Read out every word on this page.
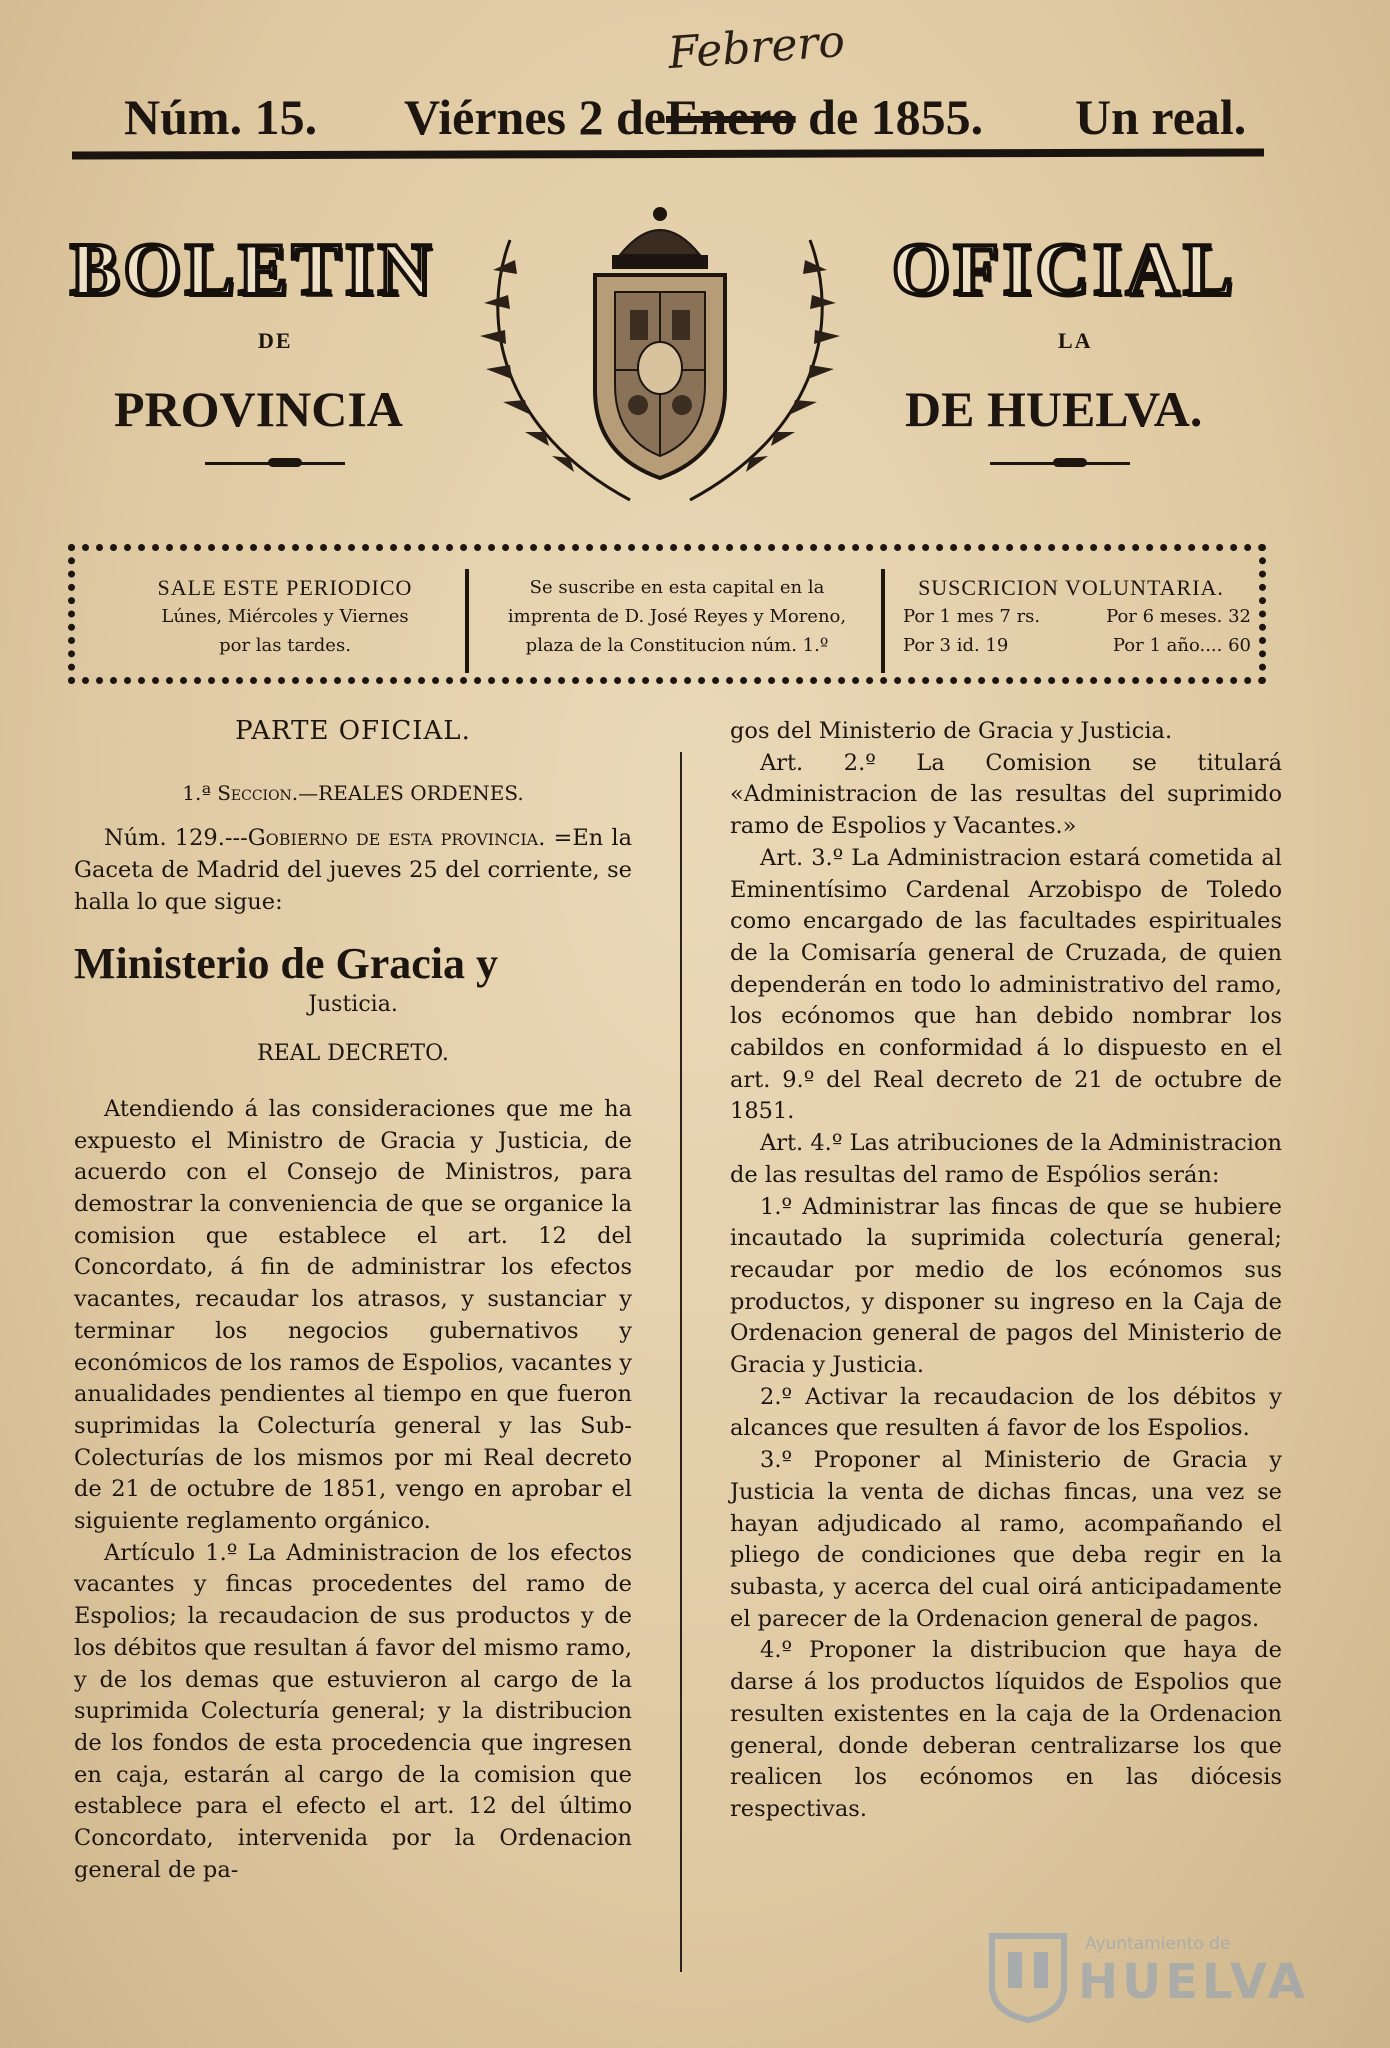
Febrero
Núm. 15. Viérnes 2 deEnero de 1855. Un real.
BOLETIN	OFICIAL
DE	LA
PROVINCIA	DE HUELVA.
SALE ESTE PERIODICO
Lúnes, Miércoles y Viernes
por las tardes.
Se suscribe en esta capital en la
imprenta de D. José Reyes y Moreno,
plaza de la Constitucion núm. 1.º
SUSCRICION VOLUNTARIA.
Por 1 mes 7 rs.	Por 6 meses. 32
Por 3 id. 19	Por 1 año.... 60

PARTE OFICIAL.

1.ª Seccion.—REALES ORDENES.

Núm. 129.---Gobierno de esta provincia. =En la Gaceta de Madrid del jueves 25 del corriente, se halla lo que sigue:

Ministerio de Gracia y

Justicia.

REAL DECRETO.

Atendiendo á las consideraciones que me ha expuesto el Ministro de Gracia y Justicia, de acuerdo con el Consejo de Ministros, para demostrar la conveniencia de que se organice la comision que establece el art. 12 del Concordato, á fin de administrar los efectos vacantes, recaudar los atrasos, y sustanciar y terminar los negocios gubernativos y económicos de los ramos de Espolios, vacantes y anualidades pendientes al tiempo en que fueron suprimidas la Colecturía general y las Sub-Colecturías de los mismos por mi Real decreto de 21 de octubre de 1851, vengo en aprobar el siguiente reglamento orgánico.

Artículo 1.º La Administracion de los efectos vacantes y fincas procedentes del ramo de Espolios; la recaudacion de sus productos y de los débitos que resultan á favor del mismo ramo, y de los demas que estuvieron al cargo de la suprimida Colecturía general; y la distribucion de los fondos de esta procedencia que ingresen en caja, estarán al cargo de la comision que establece para el efecto el art. 12 del último Concordato, intervenida por la Ordenacion general de pa-

gos del Ministerio de Gracia y Justicia.

Art. 2.º La Comision se titulará «Administracion de las resultas del suprimido ramo de Espolios y Vacantes.»

Art. 3.º La Administracion estará cometida al Eminentísimo Cardenal Arzobispo de Toledo como encargado de las facultades espirituales de la Comisaría general de Cruzada, de quien dependerán en todo lo administrativo del ramo, los ecónomos que han debido nombrar los cabildos en conformidad á lo dispuesto en el art. 9.º del Real decreto de 21 de octubre de 1851.

Art. 4.º Las atribuciones de la Administracion de las resultas del ramo de Espólios serán:

1.º Administrar las fincas de que se hubiere incautado la suprimida colecturía general; recaudar por medio de los ecónomos sus productos, y disponer su ingreso en la Caja de Ordenacion general de pagos del Ministerio de Gracia y Justicia.

2.º Activar la recaudacion de los débitos y alcances que resulten á favor de los Espolios.

3.º Proponer al Ministerio de Gracia y Justicia la venta de dichas fincas, una vez se hayan adjudicado al ramo, acompañando el pliego de condiciones que deba regir en la subasta, y acerca del cual oirá anticipadamente el parecer de la Ordenacion general de pagos.

4.º Proponer la distribucion que haya de darse á los productos líquidos de Espolios que resulten existentes en la caja de la Ordenacion general, donde deberan centralizarse los que realicen los ecónomos en las diócesis respectivas.

Ayuntamiento de
HUELVA
